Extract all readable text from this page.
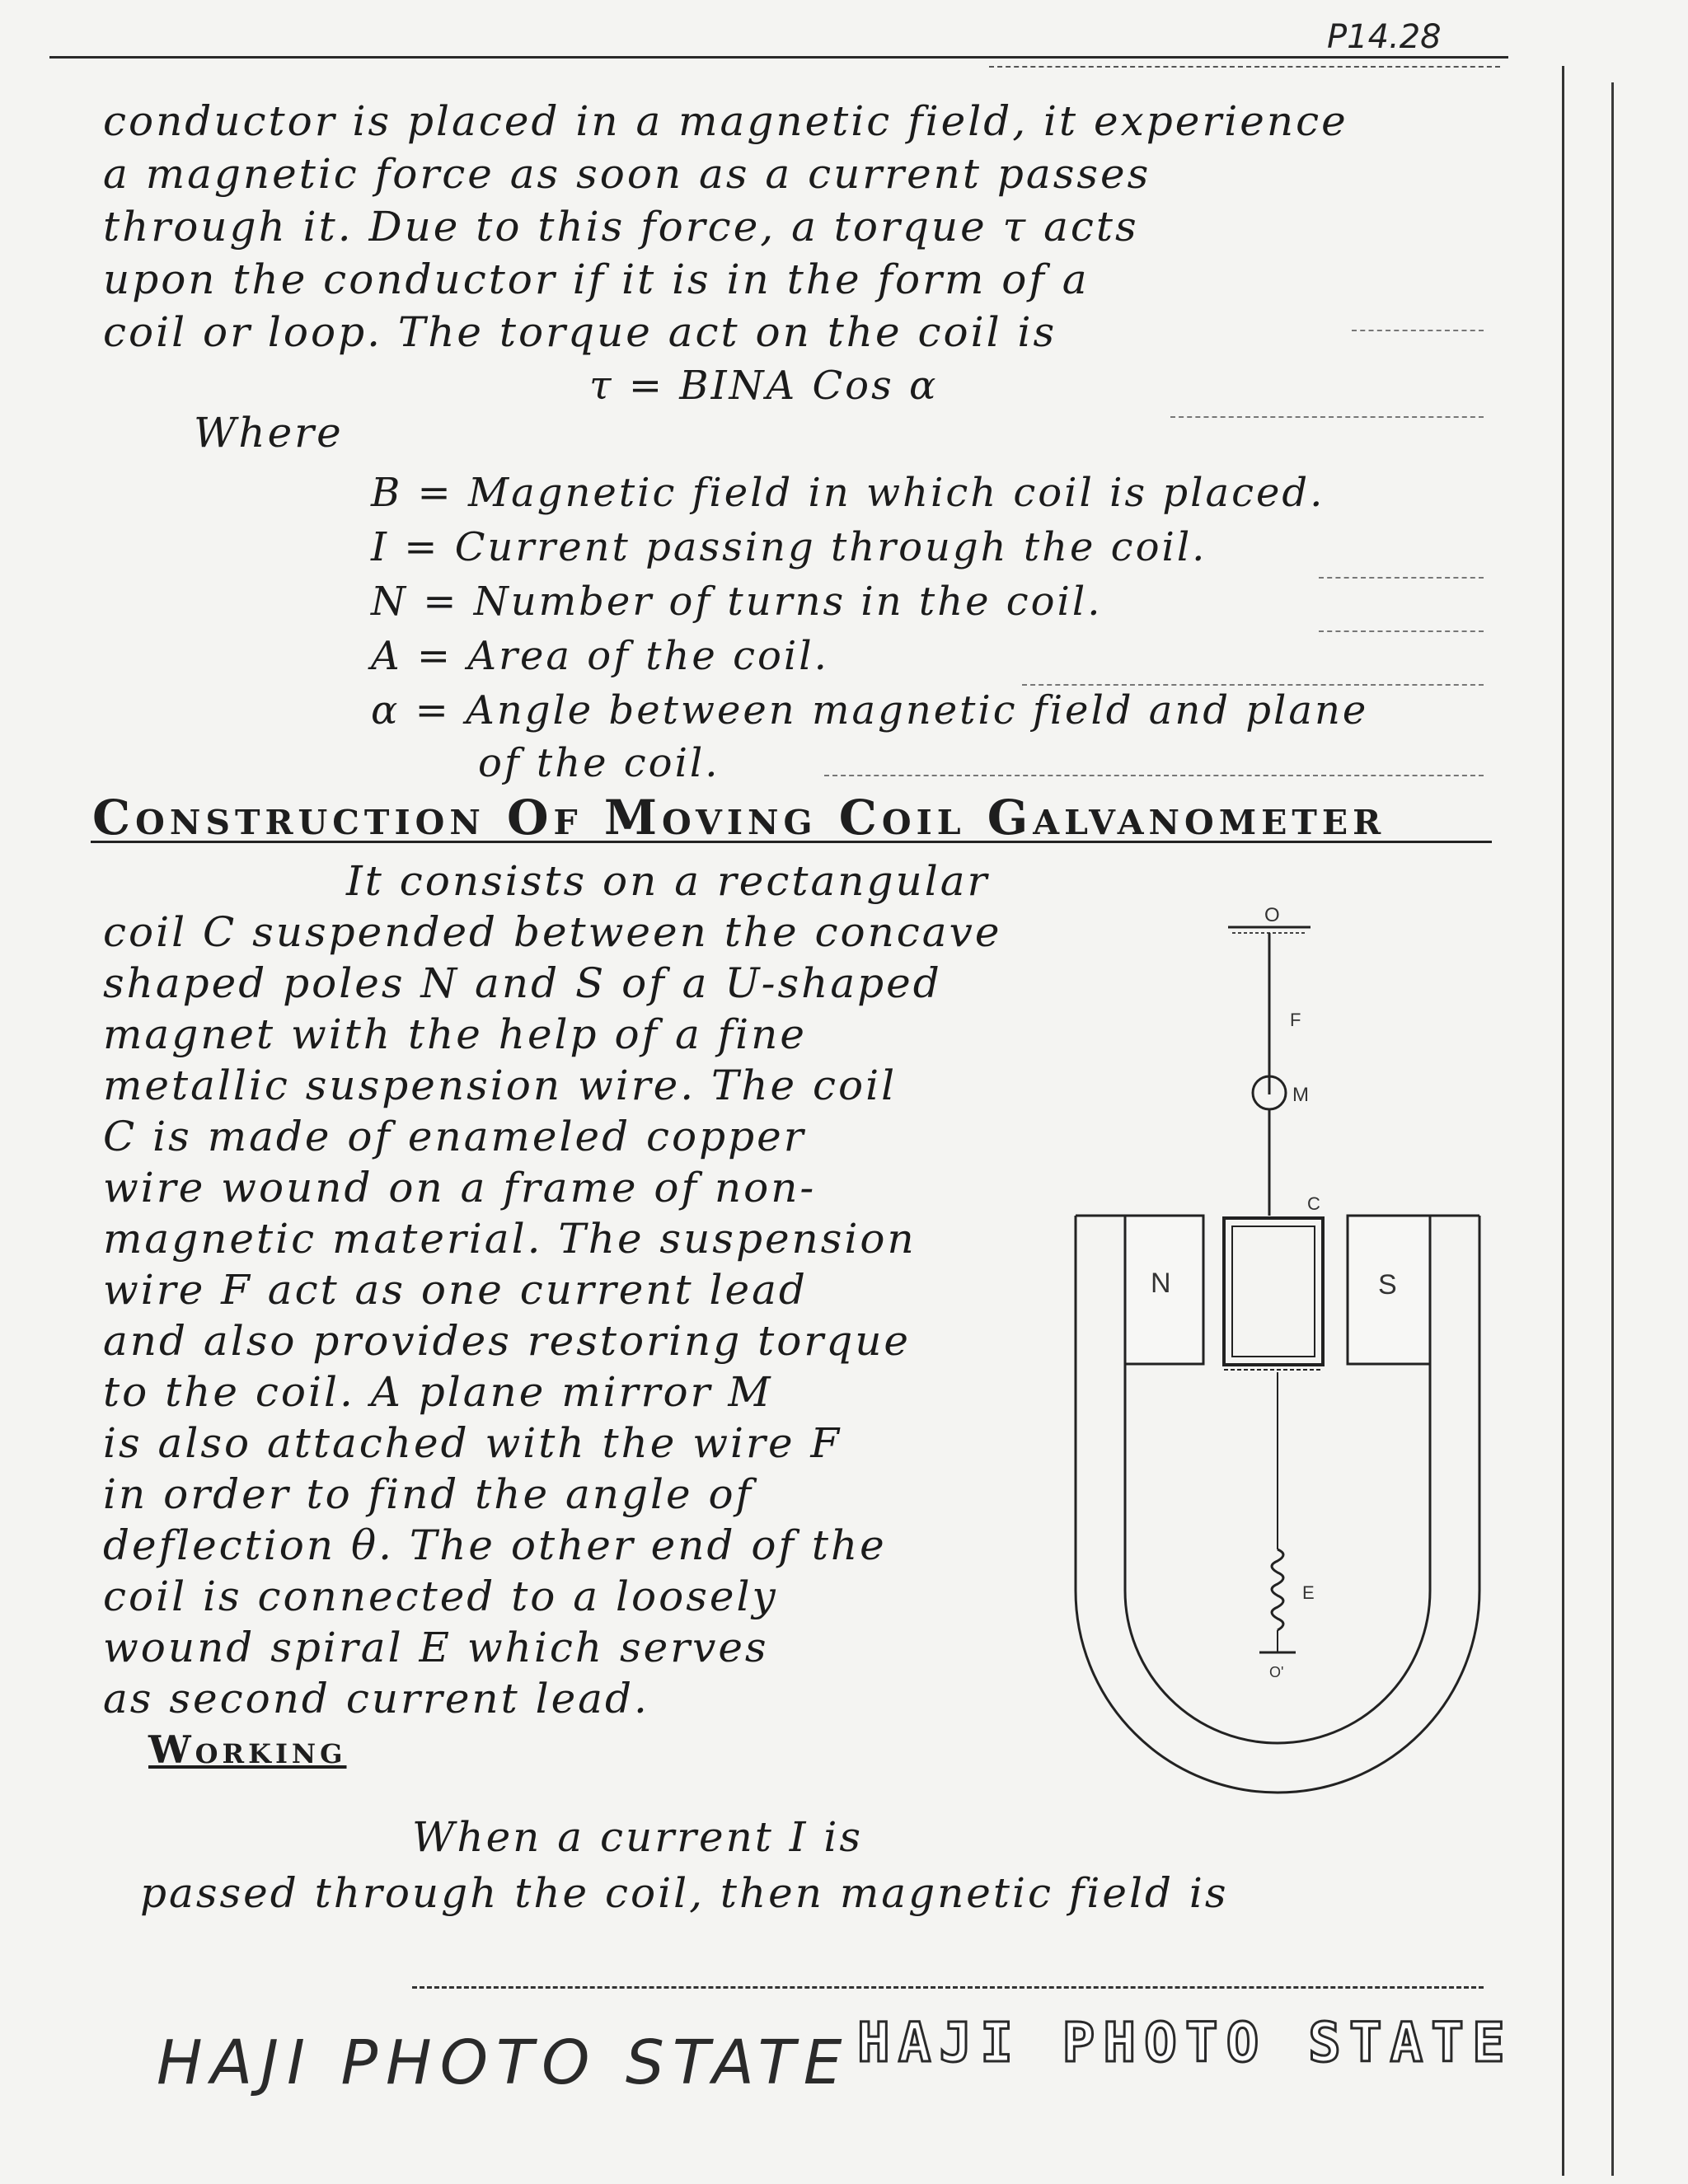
P14.28
conductor is placed in a magnetic field, it experience
a magnetic force as soon as a current passes
through it. Due to this force, a torque τ acts
upon the conductor if it is in the form of a
coil or loop. The torque act on the coil is
τ = BINA Cos α
Where
B = Magnetic field in which coil is placed.
I = Current passing through the coil.
N = Number of turns in the coil.
A = Area of the coil.
α = Angle between magnetic field and plane
of the coil.
Construction Of Moving Coil Galvanometer
It consists on a rectangular
coil C suspended between the concave
shaped poles N and S of a U-shaped
magnet with the help of a fine
metallic suspension wire. The coil
C is made of enameled copper
wire wound on a frame of non-
magnetic material. The suspension
wire F act as one current lead
and also provides restoring torque
to the coil. A plane mirror M
is also attached with the wire F
in order to find the angle of
deflection θ. The other end of the
coil is connected to a loosely
wound spiral E which serves
as second current lead.
Working
When a current I is
passed through the coil, then magnetic field is
HAJI PHOTO STATE HAJI PHOTO STATE
O
F
M
C
N	S
E
O'
